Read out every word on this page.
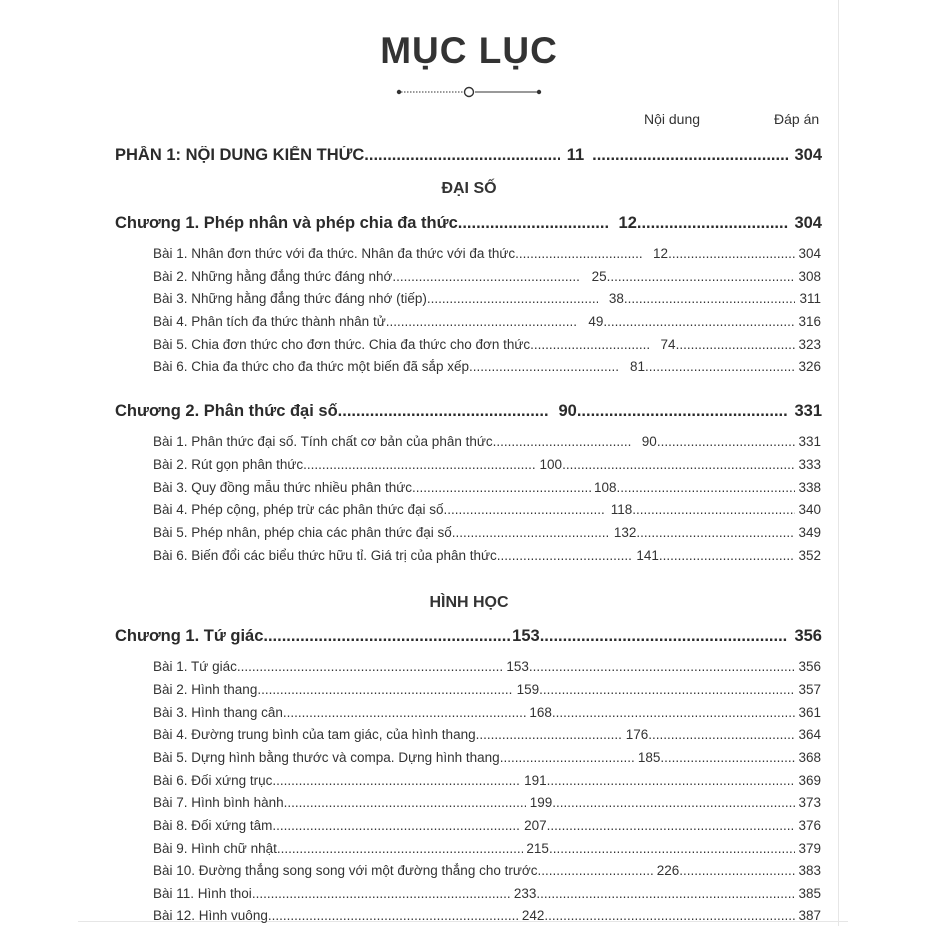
MỤC LỤC
Nội dung	Đáp án
PHẦN 1: NỘI DUNG KIẾN THỨC .....	11 .....	304
ĐẠI SỐ
Chương 1. Phép nhân và phép chia đa thức .....	12 .....	304
Bài 1. Nhân đơn thức với đa thức. Nhân đa thức với đa thức .....	12 .....	304
Bài 2. Những hằng đẳng thức đáng nhớ .....	25 .....	308
Bài 3. Những hằng đẳng thức đáng nhớ (tiếp) .....	38 .....	311
Bài 4. Phân tích đa thức thành nhân tử .....	49 .....	316
Bài 5. Chia đơn thức cho đơn thức. Chia đa thức cho đơn thức .....	74 .....	323
Bài 6. Chia đa thức cho đa thức một biến đã sắp xếp .....	81 .....	326
Chương 2. Phân thức đại số .....	90 .....	331
Bài 1. Phân thức đại số. Tính chất cơ bản của phân thức .....	90 .....	331
Bài 2. Rút gọn phân thức .....	100 .....	333
Bài 3. Quy đồng mẫu thức nhiều phân thức .....	108 .....	338
Bài 4. Phép cộng, phép trừ các phân thức đại số .....	118 .....	340
Bài 5. Phép nhân, phép chia các phân thức đại số .....	132 .....	349
Bài 6. Biến đổi các biểu thức hữu tỉ. Giá trị của phân thức .....	141 .....	352
HÌNH HỌC
Chương 1. Tứ giác .....	153 .....	356
Bài 1. Tứ giác .....	153 .....	356
Bài 2. Hình thang .....	159 .....	357
Bài 3. Hình thang cân .....	168 .....	361
Bài 4. Đường trung bình của tam giác, của hình thang .....	176 .....	364
Bài 5. Dựng hình bằng thước và compa. Dựng hình thang .....	185 .....	368
Bài 6. Đối xứng trục .....	191 .....	369
Bài 7. Hình bình hành .....	199 .....	373
Bài 8. Đối xứng tâm .....	207 .....	376
Bài 9. Hình chữ nhật .....	215 .....	379
Bài 10. Đường thẳng song song với một đường thẳng cho trước .....	226 .....	383
Bài 11. Hình thoi .....	233 .....	385
Bài 12. Hình vuông .....	242 .....	387
